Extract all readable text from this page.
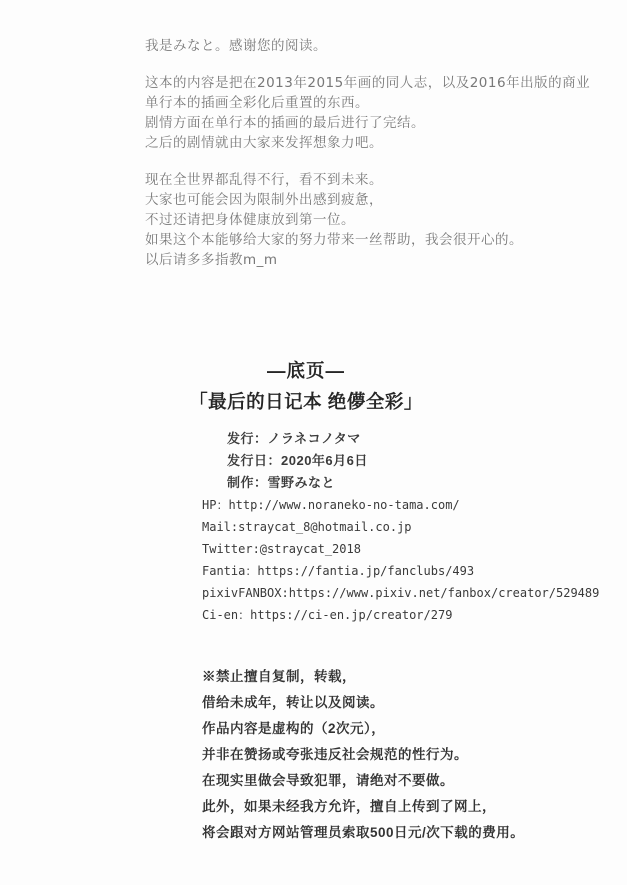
我是みなと。感谢您的阅读。
这本的内容是把在2013年2015年画的同人志，以及2016年出版的商业
单行本的插画全彩化后重置的东西。
剧情方面在单行本的插画的最后进行了完结。
之后的剧情就由大家来发挥想象力吧。
现在全世界都乱得不行，看不到未来。
大家也可能会因为限制外出感到疲惫，
不过还请把身体健康放到第一位。
如果这个本能够给大家的努力带来一丝帮助，我会很开心的。
以后请多多指教m_m
—底页—
「最后的日记本 绝儚全彩」
发行：ノラネコノタマ
发行日：2020年6月6日
制作：雪野みなと
HP：http://www.noraneko-no-tama.com/
Mail:straycat_8@hotmail.co.jp
Twitter:@straycat_2018
Fantia：https://fantia.jp/fanclubs/493
pixivFANBOX:https://www.pixiv.net/fanbox/creator/529489
Ci-en：https://ci-en.jp/creator/279
※禁止擅自复制，转载，
借给未成年，转让以及阅读。
作品内容是虚构的（2次元），
并非在赞扬或夸张违反社会规范的性行为。
在现实里做会导致犯罪，请绝对不要做。
此外，如果未经我方允许，擅自上传到了网上，
将会跟对方网站管理员索取500日元/次下载的费用。
